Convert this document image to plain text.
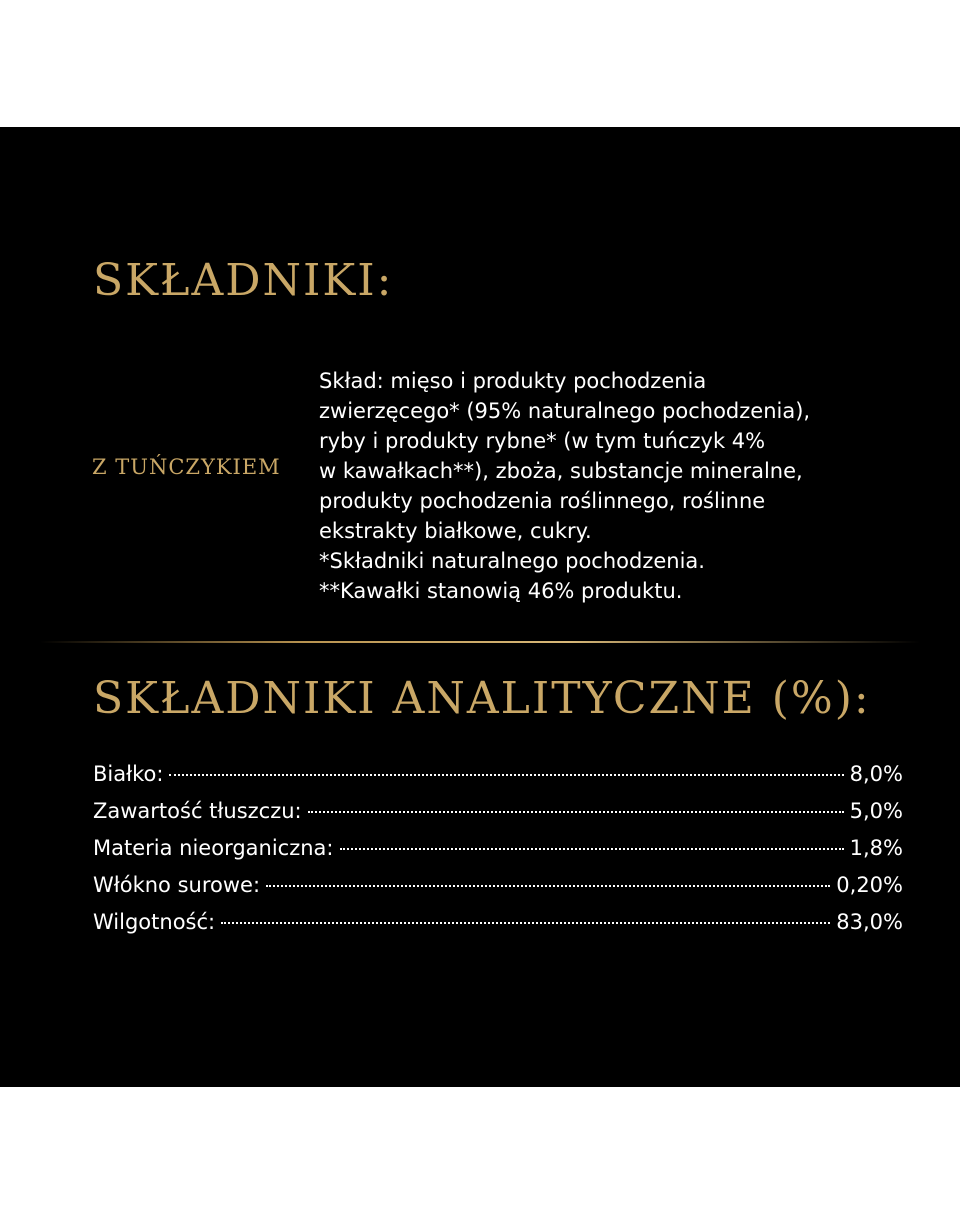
SKŁADNIKI:
Z TUŃCZYKIEM
Skład: mięso i produkty pochodzenia
zwierzęcego* (95% naturalnego pochodzenia),
ryby i produkty rybne* (w tym tuńczyk 4%
w kawałkach**), zboża, substancje mineralne,
produkty pochodzenia roślinnego, roślinne
ekstrakty białkowe, cukry.
*Składniki naturalnego pochodzenia.
**Kawałki stanowią 46% produktu.
SKŁADNIKI ANALITYCZNE (%):
Białko:	8,0%
Zawartość tłuszczu:	5,0%
Materia nieorganiczna:	1,8%
Włókno surowe:	0,20%
Wilgotność:	83,0%
